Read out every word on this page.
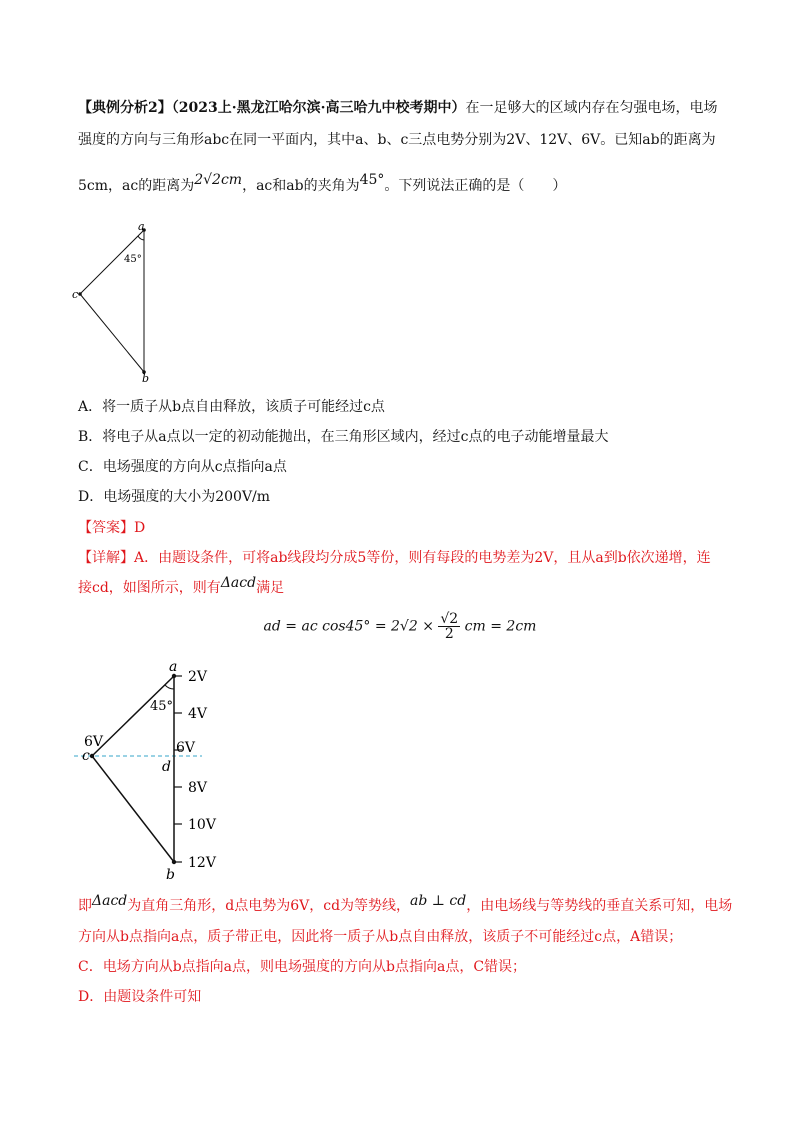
【典例分析2】（2023上·黑龙江哈尔滨·高三哈九中校考期中）在一足够大的区域内存在匀强电场，电场
强度的方向与三角形abc在同一平面内，其中a、b、c三点电势分别为2V、12V、6V。已知ab的距离为
5cm，ac的距离为2√2cm，ac和ab的夹角为45°。下列说法正确的是（　　）
a
c
b
45°
A．将一质子从b点自由释放，该质子可能经过c点
B．将电子从a点以一定的初动能抛出，在三角形区域内，经过c点的电子动能增量最大
C．电场强度的方向从c点指向a点
D．电场强度的大小为200V/m
【答案】D
【详解】A．由题设条件，可将ab线段均分成5等份，则有每段的电势差为2V，且从a到b依次递增，连
接cd，如图所示，则有Δacd满足
ad = ac $\cos 45^\circ = 2√2 \times \frac{√2}{2}$ cm = 2cm
a
c
d
b
45°
6V
2V
4V
6V
8V
10V
12V
即Δacd为直角三角形，d点电势为6V，cd为等势线，ab ⊥ cd，由电场线与等势线的垂直关系可知，电场
方向从b点指向a点，质子带正电，因此将一质子从b点自由释放，该质子不可能经过c点，A错误；
C．电场方向从b点指向a点，则电场强度的方向从b点指向a点，C错误；
D．由题设条件可知
